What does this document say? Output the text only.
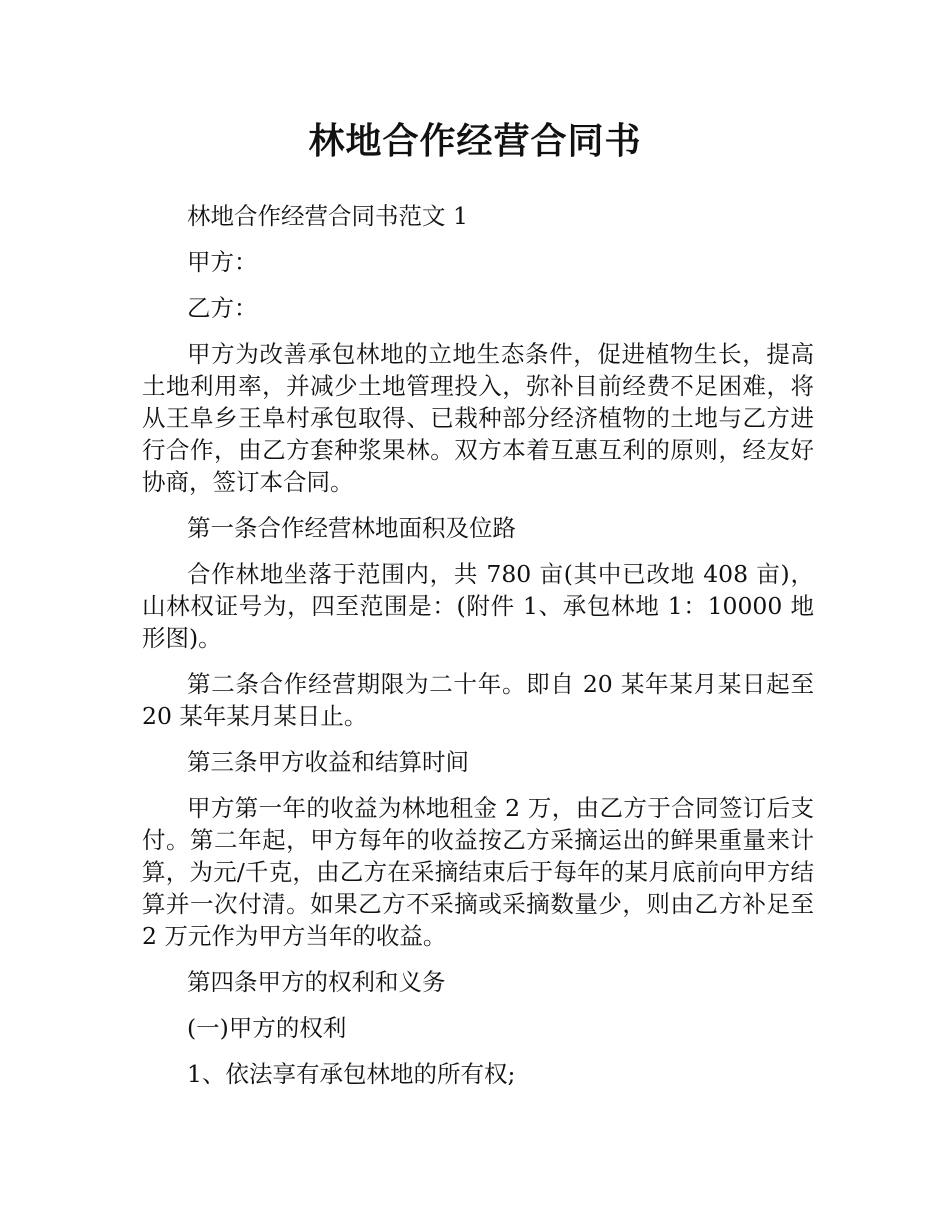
林地合作经营合同书

林地合作经营合同书范文 1

甲方：

乙方：

甲方为改善承包林地的立地生态条件，促进植物生长，提高土地利用率，并减少土地管理投入，弥补目前经费不足困难，将从王阜乡王阜村承包取得、已栽种部分经济植物的土地与乙方进行合作，由乙方套种浆果林。双方本着互惠互利的原则，经友好协商，签订本合同。

第一条合作经营林地面积及位路

合作林地坐落于范围内，共 780 亩(其中已改地 408 亩)，山林权证号为，四至范围是：(附件 1、承包林地 1：10000 地形图)。

第二条合作经营期限为二十年。即自 20 某年某月某日起至 20 某年某月某日止。

第三条甲方收益和结算时间

甲方第一年的收益为林地租金 2 万，由乙方于合同签订后支付。第二年起，甲方每年的收益按乙方采摘运出的鲜果重量来计算，为元/千克，由乙方在采摘结束后于每年的某月底前向甲方结算并一次付清。如果乙方不采摘或采摘数量少，则由乙方补足至 2 万元作为甲方当年的收益。

第四条甲方的权利和义务

(一)甲方的权利

1、依法享有承包林地的所有权;
